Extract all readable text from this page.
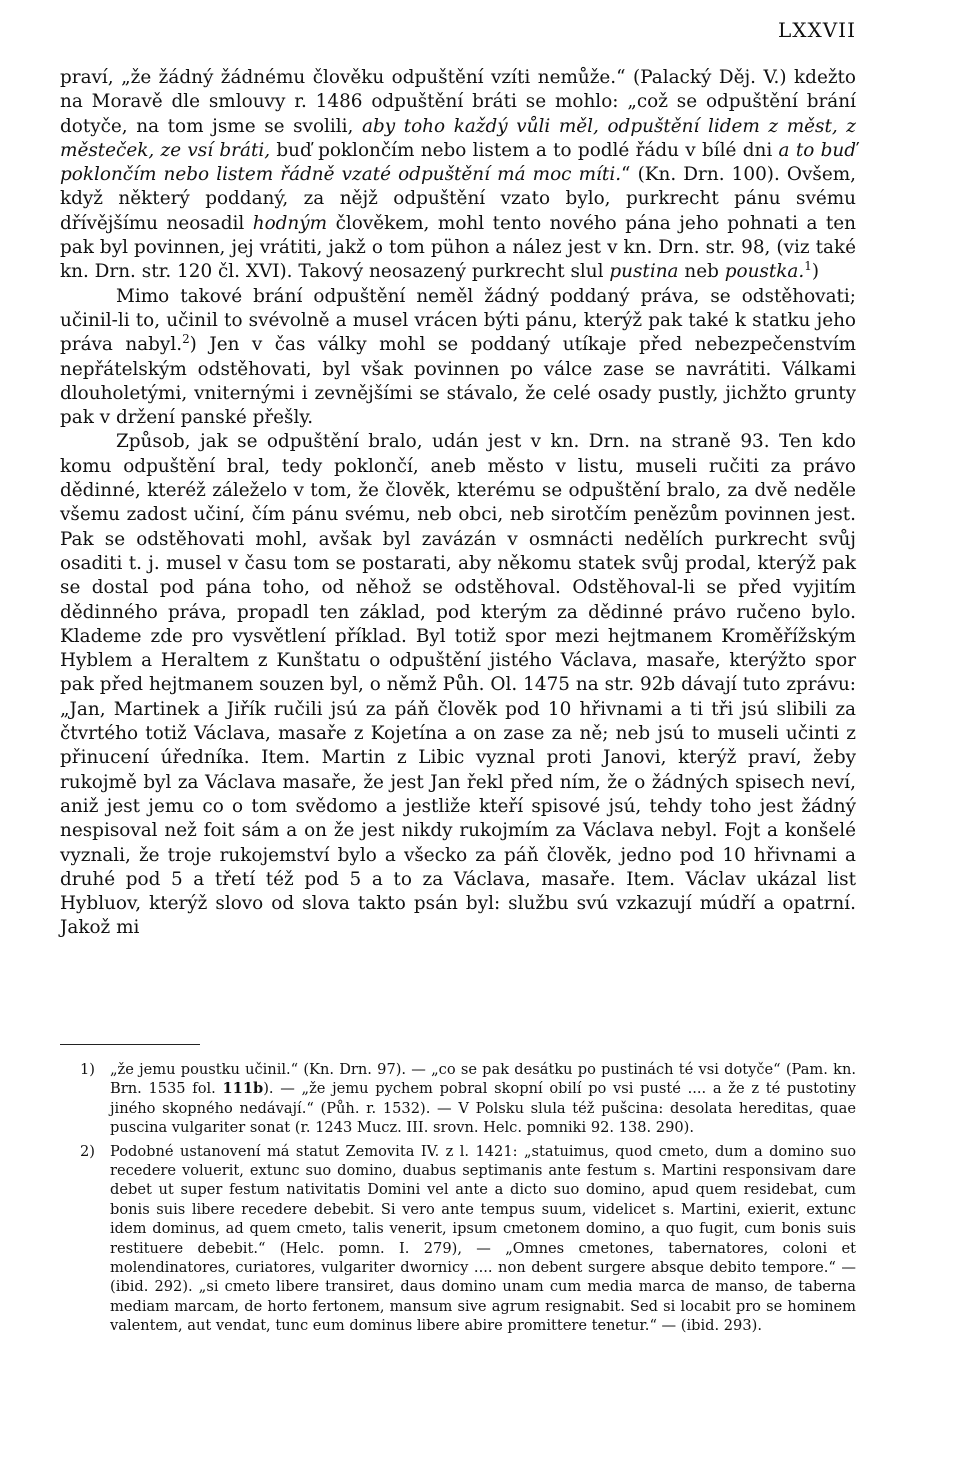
LXXVII

praví, „že žádný žádnému člověku odpuštění vzíti nemůže.“ (Palacký Děj. V.) kdežto na Moravě dle smlouvy r. 1486 odpuštění bráti se mohlo: „což se odpuštění brání dotyče, na tom jsme se svolili, aby toho každý vůli měl, odpuštění lidem z měst, z městeček, ze vsí bráti, buď poklončím nebo listem a to podlé řádu v bílé dni a to buď poklončím nebo listem řádně vzaté odpuštění má moc míti.“ (Kn. Drn. 100). Ovšem, když některý poddaný, za nějž odpuštění vzato bylo, purkrecht pánu svému dřívějšímu neosadil hodným člověkem, mohl tento nového pána jeho pohnati a ten pak byl povinnen, jej vrátiti, jakž o tom pühon a nález jest v kn. Drn. str. 98, (viz také kn. Drn. str. 120 čl. XVI). Takový neosazený purkrecht slul pustina neb poustka.$^1$)

Mimo takové brání odpuštění neměl žádný poddaný práva, se odstěhovati; učinil-li to, učinil to svévolně a musel vrácen býti pánu, kterýž pak také k statku jeho práva nabyl.$^2$) Jen v čas války mohl se poddaný utíkaje před nebezpečenstvím nepřátelským odstěhovati, byl však povinnen po válce zase se navrátiti. Válkami dlouholetými, vniternými i zevnějšími se stávalo, že celé osady pustly, jichžto grunty pak v držení panské přešly.

Způsob, jak se odpuštění bralo, udán jest v kn. Drn. na straně 93. Ten kdo komu odpuštění bral, tedy poklončí, aneb město v listu, museli ručiti za právo dědinné, kteréž záleželo v tom, že člověk, kterému se odpuštění bralo, za dvě neděle všemu zadost učiní, čím pánu svému, neb obci, neb sirotčím penězům povinnen jest. Pak se odstěhovati mohl, avšak byl zavázán v osmnácti nedělích purkrecht svůj osaditi t. j. musel v času tom se postarati, aby někomu statek svůj prodal, kterýž pak se dostal pod pána toho, od něhož se odstěhoval. Odstěhoval-li se před vyjitím dědinného práva, propadl ten základ, pod kterým za dědinné právo ručeno bylo. Klademe zde pro vysvětlení příklad. Byl totiž spor mezi hejtmanem Kroměřížským Hyblem a Heraltem z Kunštatu o odpuštění jistého Václava, masaře, kterýžto spor pak před hejtmanem souzen byl, o němž Půh. Ol. 1475 na str. 92b dávají tuto zprávu: „Jan, Martinek a Jiřík ručili jsú za páň člověk pod 10 hřivnami a ti tři jsú slibili za čtvrtého totiž Václava, masaře z Kojetína a on zase za ně; neb jsú to museli učinti z přinucení úředníka. Item. Martin z Libic vyznal proti Janovi, kterýž praví, žeby rukojmě byl za Václava masaře, že jest Jan řekl před ním, že o žádných spisech neví, aniž jest jemu co o tom svědomo a jestliže kteří spisové jsú, tehdy toho jest žádný nespisoval než foit sám a on že jest nikdy rukojmím za Václava nebyl. Fojt a konšelé vyznali, že troje rukojemství bylo a všecko za páň člověk, jedno pod 10 hřivnami a druhé pod 5 a třetí též pod 5 a to za Václava, masaře. Item. Václav ukázal list Hybluov, kterýž slovo od slova takto psán byl: službu svú vzkazují múdří a opatrní. Jakož mi

1) „že jemu poustku učinil.“ (Kn. Drn. 97). — „co se pak desátku po pustinách té vsi dotyče“ (Pam. kn. Brn. 1535 fol. 111b). — „že jemu pychem pobral skopní obilí po vsi pusté .... a že z té pustotiny jiného skopného nedávají.“ (Půh. r. 1532). — V Polsku slula též pušcina: desolata hereditas, quae puscina vulgariter sonat (r. 1243 Mucz. III. srovn. Helc. pomniki 92. 138. 290).

2) Podobné ustanovení má statut Zemovita IV. z l. 1421: „statuimus, quod cmeto, dum a domino suo recedere voluerit, extunc suo domino, duabus septimanis ante festum s. Martini responsivam dare debet ut super festum nativitatis Domini vel ante a dicto suo domino, apud quem residebat, cum bonis suis libere recedere debebit. Si vero ante tempus suum, videlicet s. Martini, exierit, extunc idem dominus, ad quem cmeto, talis venerit, ipsum cmetonem domino, a quo fugit, cum bonis suis restituere debebit.“ (Helc. pomn. I. 279), — „Omnes cmetones, tabernatores, coloni et molendinatores, curiatores, vulgariter dwornicy .... non debent surgere absque debito tempore.“ — (ibid. 292). „si cmeto libere transiret, daus domino unam cum media marca de manso, de taberna mediam marcam, de horto fertonem, mansum sive agrum resignabit. Sed si locabit pro se hominem valentem, aut vendat, tunc eum dominus libere abire promittere tenetur.“ — (ibid. 293).
